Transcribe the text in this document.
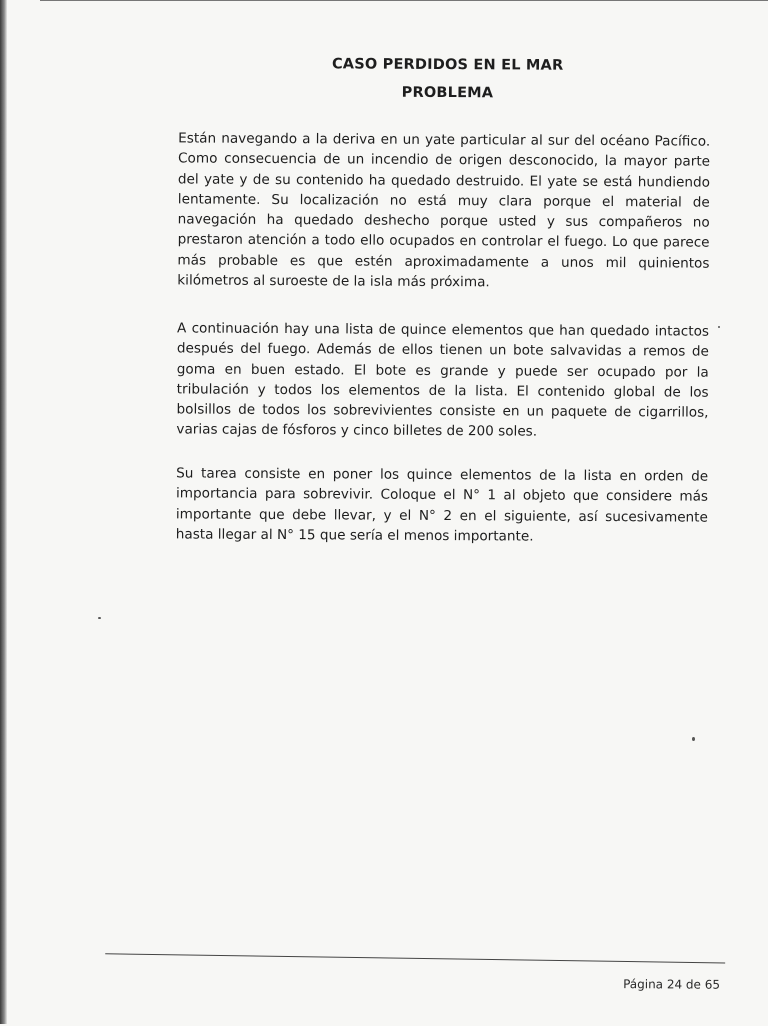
CASO PERDIDOS EN EL MAR
PROBLEMA

Están navegando a la deriva en un yate particular al sur del océano Pacífico. Como consecuencia de un incendio de origen desconocido, la mayor parte del yate y de su contenido ha quedado destruido. El yate se está hundiendo lentamente. Su localización no está muy clara porque el material de navegación ha quedado deshecho porque usted y sus compañeros no prestaron atención a todo ello ocupados en controlar el fuego. Lo que parece más probable es que estén aproximadamente a unos mil quinientos kilómetros al suroeste de la isla más próxima.

A continuación hay una lista de quince elementos que han quedado intactos después del fuego. Además de ellos tienen un bote salvavidas a remos de goma en buen estado. El bote es grande y puede ser ocupado por la tribulación y todos los elementos de la lista. El contenido global de los bolsillos de todos los sobrevivientes consiste en un paquete de cigarrillos, varias cajas de fósforos y cinco billetes de 200 soles.

Su tarea consiste en poner los quince elementos de la lista en orden de importancia para sobrevivir. Coloque el N° 1 al objeto que considere más importante que debe llevar, y el N° 2 en el siguiente, así sucesivamente hasta llegar al N° 15 que sería el menos importante.

Página 24 de 65
